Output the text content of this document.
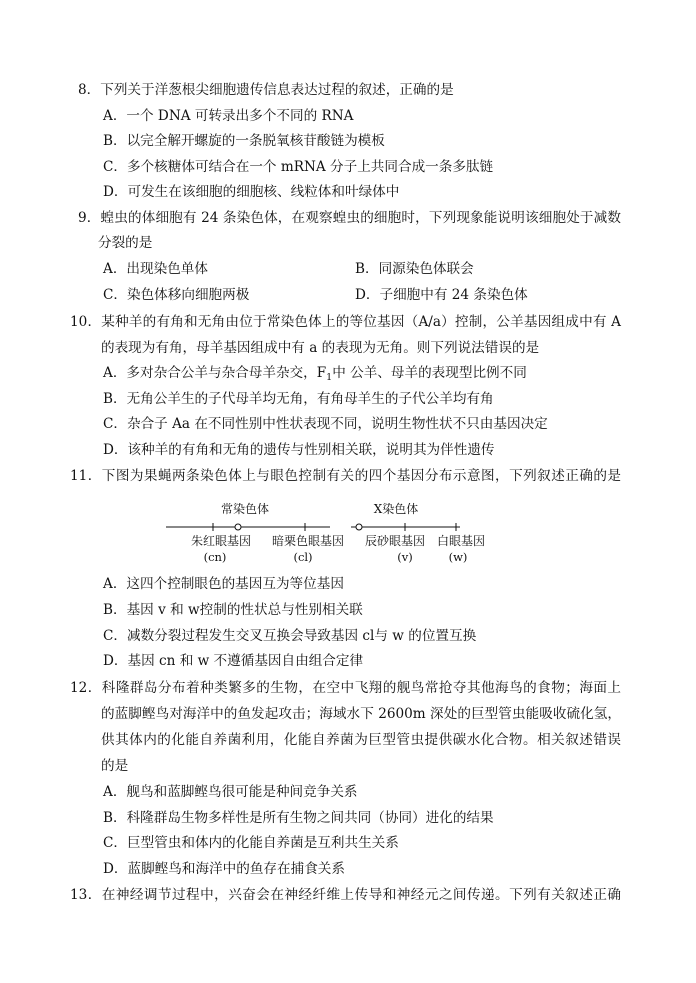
8．下列关于洋葱根尖细胞遗传信息表达过程的叙述，正确的是
A．一个 DNA 可转录出多个不同的 RNA
B．以完全解开螺旋的一条脱氧核苷酸链为模板
C．多个核糖体可结合在一个 mRNA 分子上共同合成一条多肽链
D．可发生在该细胞的细胞核、线粒体和叶绿体中
9．蝗虫的体细胞有 24 条染色体，在观察蝗虫的细胞时，下列现象能说明该细胞处于减数
分裂的是
A．出现染色单体	B．同源染色体联会
C．染色体移向细胞两极	D．子细胞中有 24 条染色体
10．某种羊的有角和无角由位于常染色体上的等位基因（A/a）控制，公羊基因组成中有 A
的表现为有角，母羊基因组成中有 a 的表现为无角。则下列说法错误的是
A．多对杂合公羊与杂合母羊杂交，$F_1$中 公羊、母羊的表现型比例不同
B．无角公羊生的子代母羊均无角，有角母羊生的子代公羊均有角
C．杂合子 Aa 在不同性别中性状表现不同，说明生物性状不只由基因决定
D．该种羊的有角和无角的遗传与性别相关联，说明其为伴性遗传
11．下图为果蝇两条染色体上与眼色控制有关的四个基因分布示意图，下列叙述正确的是
常染色体	X染色体
朱红眼基因 暗栗色眼基因 辰砂眼基因 白眼基因
(cn)	(cl)	(v)	(w)
A．这四个控制眼色的基因互为等位基因
B．基因 v 和 w控制的性状总与性别相关联
C．减数分裂过程发生交叉互换会导致基因 cl与 w 的位置互换
D．基因 cn 和 w 不遵循基因自由组合定律
12．科隆群岛分布着种类繁多的生物，在空中飞翔的舰鸟常抢夺其他海鸟的食物；海面上
的蓝脚鲣鸟对海洋中的鱼发起攻击；海域水下 2600m 深处的巨型管虫能吸收硫化氢，
供其体内的化能自养菌利用，化能自养菌为巨型管虫提供碳水化合物。相关叙述错误
的是
A．舰鸟和蓝脚鲣鸟很可能是种间竞争关系
B．科隆群岛生物多样性是所有生物之间共同（协同）进化的结果
C．巨型管虫和体内的化能自养菌是互利共生关系
D．蓝脚鲣鸟和海洋中的鱼存在捕食关系
13．在神经调节过程中，兴奋会在神经纤维上传导和神经元之间传递。下列有关叙述正确
